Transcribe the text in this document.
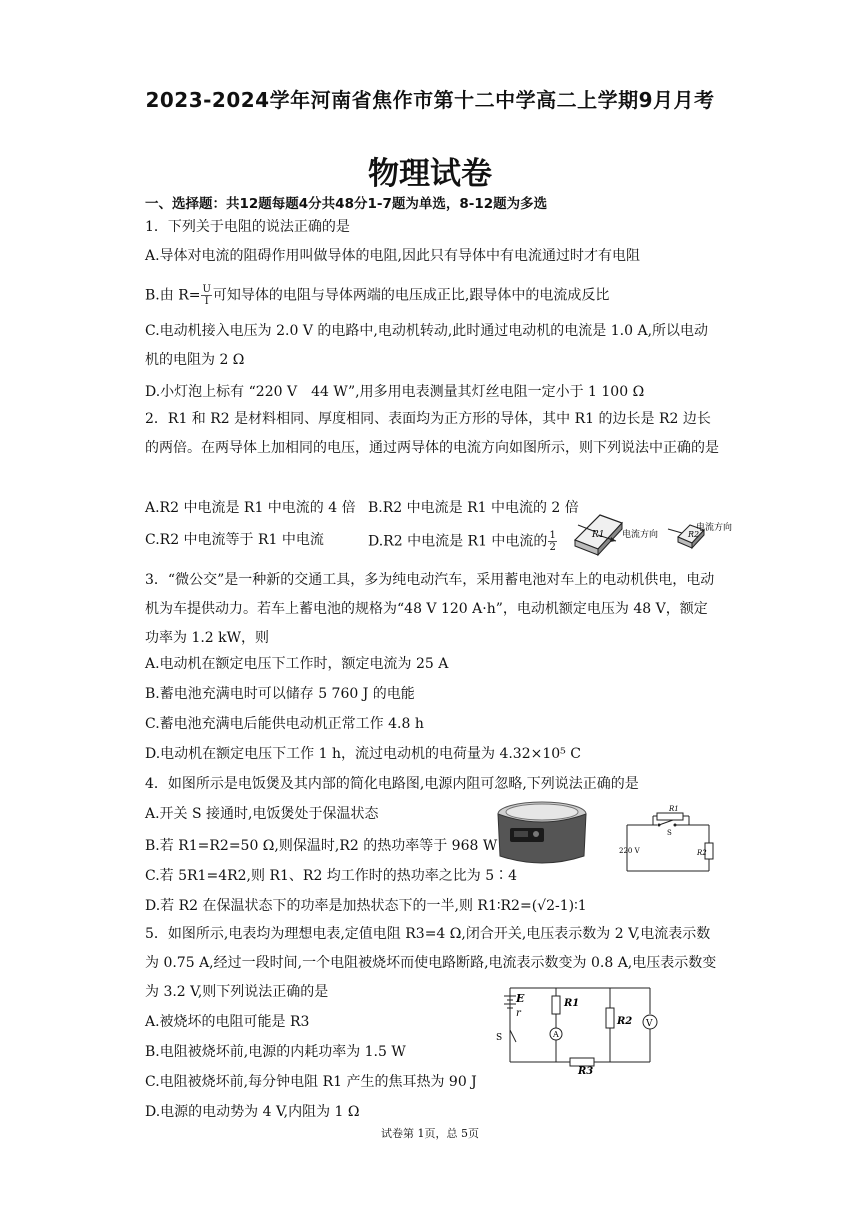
2023-2024学年河南省焦作市第十二中学高二上学期9月月考
物理试卷
一、选择题：共12题每题4分共48分1-7题为单选，8-12题为多选
1．下列关于电阻的说法正确的是
A.导体对电流的阻碍作用叫做导体的电阻,因此只有导体中有电流通过时才有电阻
B.由 $R= \frac{U}{I}$ 可知导体的电阻与导体两端的电压成正比,跟导体中的电流成反比
C.电动机接入电压为 2.0 V 的电路中,电动机转动,此时通过电动机的电流是 1.0 A,所以电动机的电阻为 2 Ω
D.小灯泡上标有 “220 V　44 W”,用多用电表测量其灯丝电阻一定小于 1 100 Ω
2．R1 和 R2 是材料相同、厚度相同、表面均为正方形的导体，其中 R1 的边长是 R2 边长的两倍。在两导体上加相同的电压，通过两导体的电流方向如图所示，则下列说法中正确的是
A.R2 中电流是 R1 中电流的 4 倍 B.R2 中电流是 R1 中电流的 2 倍
C.R2 中电流等于 R1 中电流	D.R2 中电流是 R1 中电流的 $\frac{1}{2}$	R1 电流方向	R2
电流方向
3．“微公交”是一种新的交通工具，多为纯电动汽车，采用蓄电池对车上的电动机供电，电动机为车提供动力。若车上蓄电池的规格为“48 V 120 A·h”，电动机额定电压为 48 V，额定功率为 1.2 kW，则
A.电动机在额定电压下工作时，额定电流为 25 A
B.蓄电池充满电时可以储存 5 760 J 的电能
C.蓄电池充满电后能供电动机正常工作 4.8 h
D.电动机在额定电压下工作 1 h，流过电动机的电荷量为 4.32×10⁵ C
4．如图所示是电饭煲及其内部的简化电路图,电源内阻可忽略,下列说法正确的是
A.开关 S 接通时,电饭煲处于保温状态
B.若 R1=R2=50 Ω,则保温时,R2 的热功率等于 968 W
C.若 5R1=4R2,则 R1、R2 均工作时的热功率之比为 5∶4
D.若 R2 在保温状态下的功率是加热状态下的一半,则 R1∶R2=(√2-1)∶1
R1
S
R2
220 V
5．如图所示,电表均为理想电表,定值电阻 R3=4 Ω,闭合开关,电压表示数为 2 V,电流表示数为 0.75 A,经过一段时间,一个电阻被烧坏而使电路断路,电流表示数变为 0.8 A,电压表示数变为 3.2 V,则下列说法正确的是
A.被烧坏的电阻可能是 R3
B.电阻被烧坏前,电源的内耗功率为 1.5 W
C.电阻被烧坏前,每分钟电阻 R1 产生的焦耳热为 90 J
D.电源的电动势为 4 V,内阻为 1 Ω
E
r
S
R3
A
R1
R2 V
试卷第 1页，总 5页
